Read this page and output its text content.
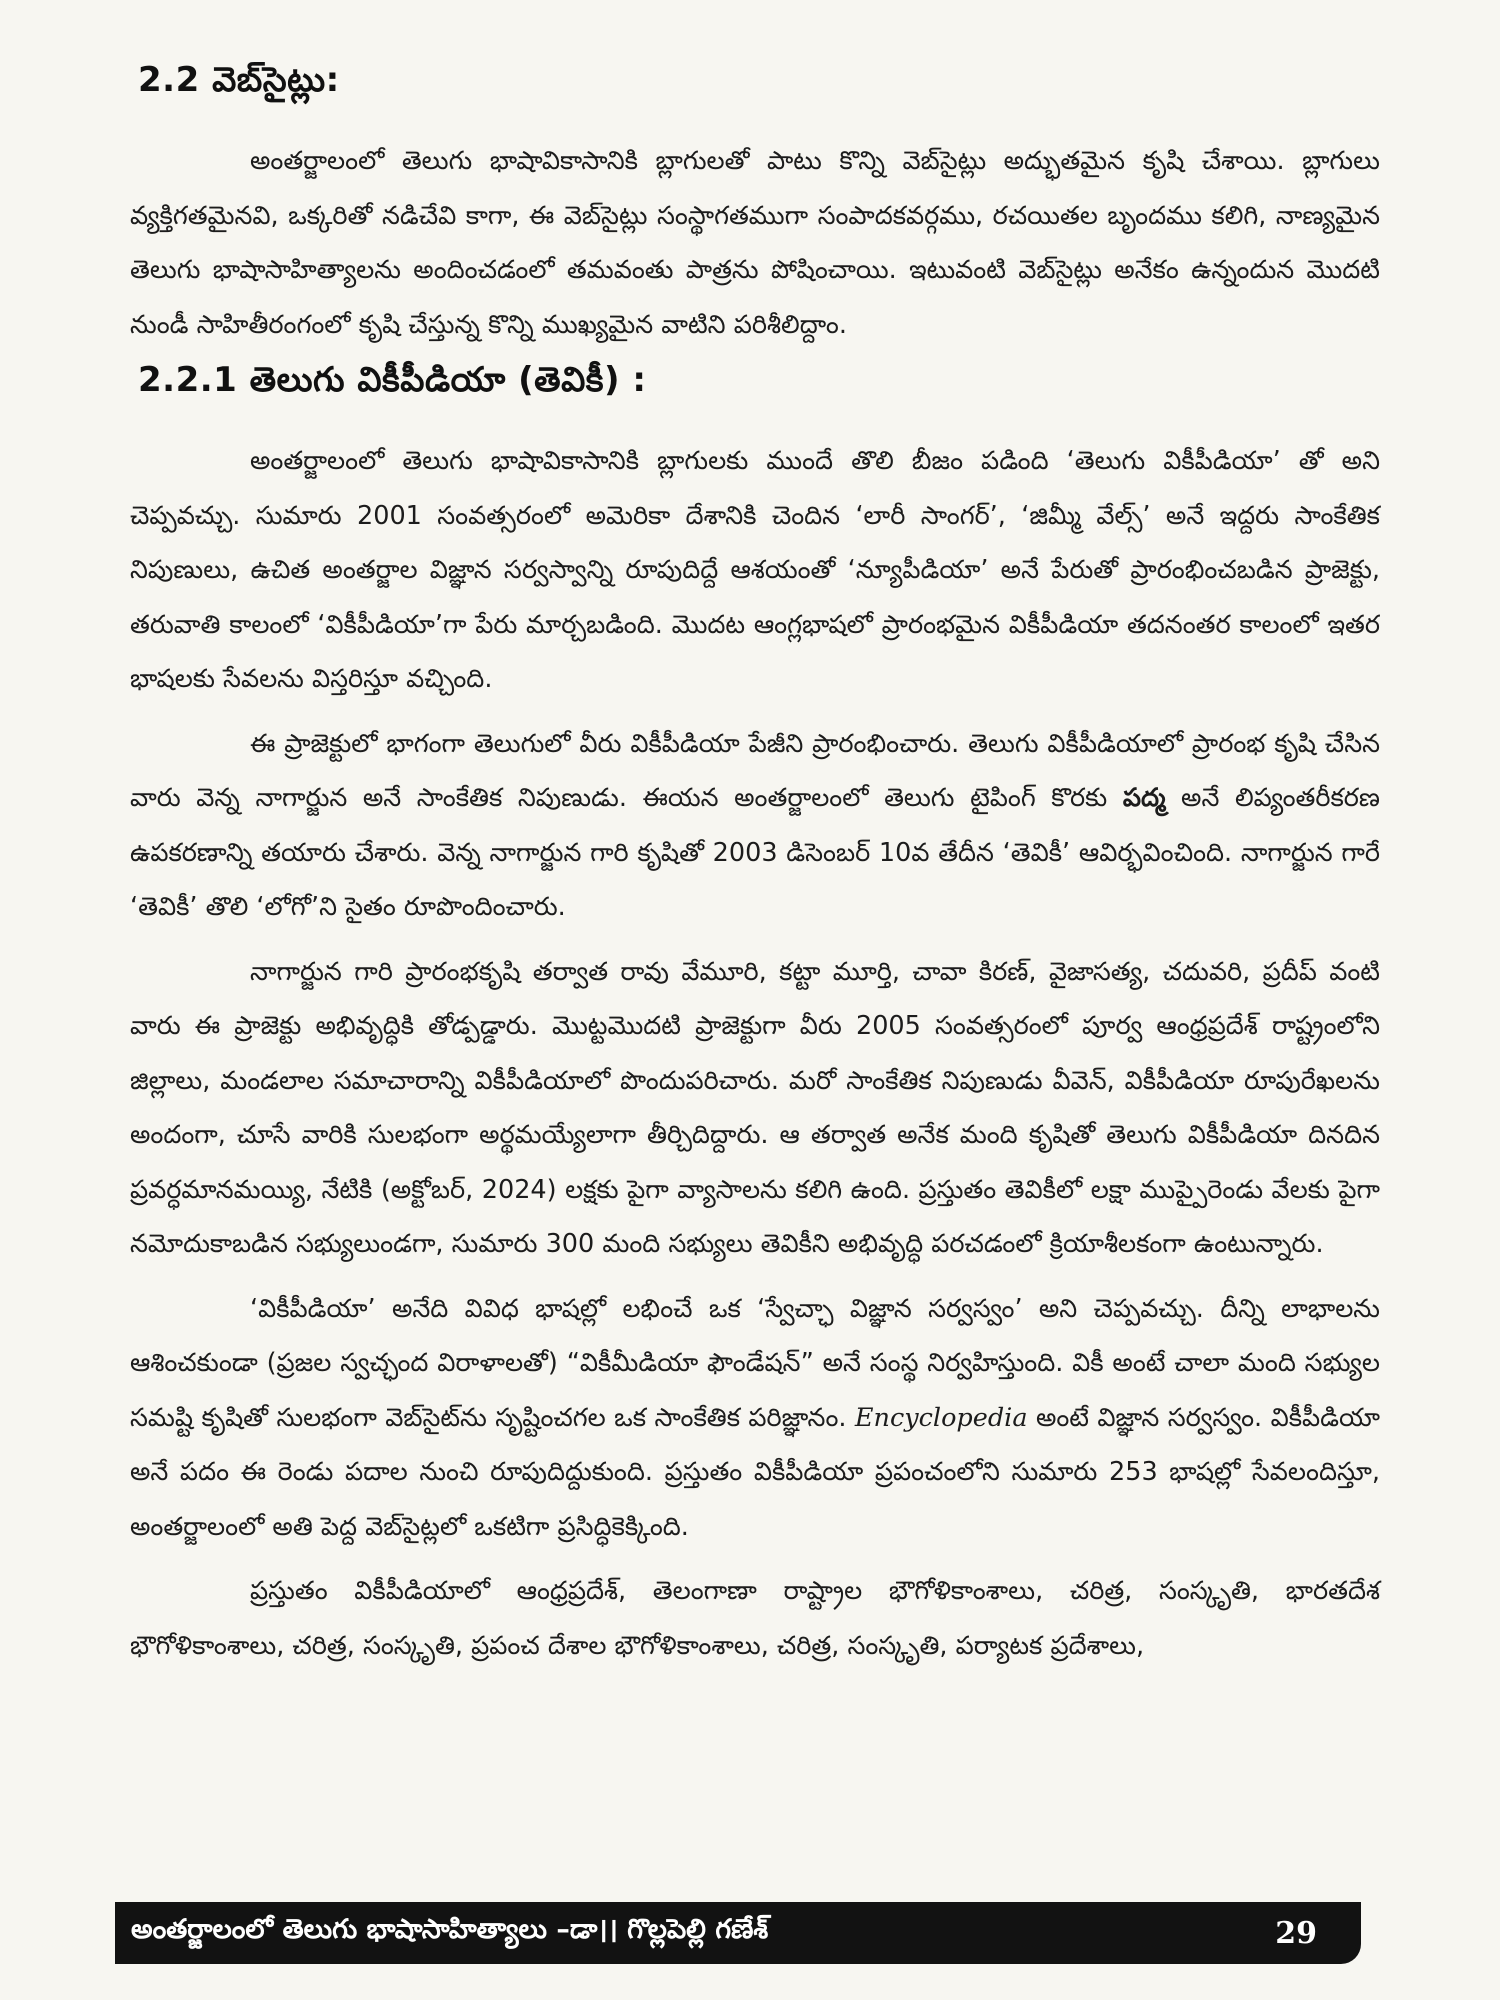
2.2 వెబ్‌సైట్లు:

అంతర్జాలంలో తెలుగు భాషావికాసానికి బ్లాగులతో పాటు కొన్ని వెబ్‌సైట్లు అద్భుతమైన కృషి చేశాయి. బ్లాగులు వ్యక్తిగతమైనవి, ఒక్కరితో నడిచేవి కాగా, ఈ వెబ్‌సైట్లు సంస్థాగతముగా సంపాదకవర్గము, రచయితల బృందము కలిగి, నాణ్యమైన తెలుగు భాషాసాహిత్యాలను అందించడంలో తమవంతు పాత్రను పోషించాయి. ఇటువంటి వెబ్‌సైట్లు అనేకం ఉన్నందున మొదటి నుండీ సాహితీరంగంలో కృషి చేస్తున్న కొన్ని ముఖ్యమైన వాటిని పరిశీలిద్దాం.

2.2.1 తెలుగు వికీపీడియా (తెవికీ) :

అంతర్జాలంలో తెలుగు భాషావికాసానికి బ్లాగులకు ముందే తొలి బీజం పడింది ‘తెలుగు వికీపీడియా’ తో అని చెప్పవచ్చు. సుమారు 2001 సంవత్సరంలో అమెరికా దేశానికి చెందిన ‘లారీ సాంగర్’, ‘జిమ్మీ వేల్స్’ అనే ఇద్దరు సాంకేతిక నిపుణులు, ఉచిత అంతర్జాల విజ్ఞాన సర్వస్వాన్ని రూపుదిద్దే ఆశయంతో ‘న్యూపీడియా’ అనే పేరుతో ప్రారంభించబడిన ప్రాజెక్టు, తరువాతి కాలంలో ‘వికీపీడియా’గా పేరు మార్చబడింది. మొదట ఆంగ్లభాషలో ప్రారంభమైన వికీపీడియా తదనంతర కాలంలో ఇతర భాషలకు సేవలను విస్తరిస్తూ వచ్చింది.

ఈ ప్రాజెక్టులో భాగంగా తెలుగులో వీరు వికీపీడియా పేజీని ప్రారంభించారు. తెలుగు వికీపీడియాలో ప్రారంభ కృషి చేసిన వారు వెన్న నాగార్జున అనే సాంకేతిక నిపుణుడు. ఈయన అంతర్జాలంలో తెలుగు టైపింగ్ కొరకు పద్మ అనే లిప్యంతరీకరణ ఉపకరణాన్ని తయారు చేశారు. వెన్న నాగార్జున గారి కృషితో 2003 డిసెంబర్ 10వ తేదీన ‘తెవికీ’ ఆవిర్భవించింది. నాగార్జున గారే ‘తెవికీ’ తొలి ‘లోగో’ని సైతం రూపొందించారు.

నాగార్జున గారి ప్రారంభకృషి తర్వాత రావు వేమూరి, కట్టా మూర్తి, చావా కిరణ్, వైజాసత్య, చదువరి, ప్రదీప్ వంటి వారు ఈ ప్రాజెక్టు అభివృద్ధికి తోడ్పడ్డారు. మొట్టమొదటి ప్రాజెక్టుగా వీరు 2005 సంవత్సరంలో పూర్వ ఆంధ్రప్రదేశ్ రాష్ట్రంలోని జిల్లాలు, మండలాల సమాచారాన్ని వికీపీడియాలో పొందుపరిచారు. మరో సాంకేతిక నిపుణుడు వీవెన్, వికీపీడియా రూపురేఖలను అందంగా, చూసే వారికి సులభంగా అర్థమయ్యేలాగా తీర్చిదిద్దారు. ఆ తర్వాత అనేక మంది కృషితో తెలుగు వికీపీడియా దినదిన ప్రవర్ధమానమయ్యి, నేటికి (అక్టోబర్, 2024) లక్షకు పైగా వ్యాసాలను కలిగి ఉంది. ప్రస్తుతం తెవికీలో లక్షా ముప్పైరెండు వేలకు పైగా నమోదుకాబడిన సభ్యులుండగా, సుమారు 300 మంది సభ్యులు తెవికీని అభివృద్ధి పరచడంలో క్రియాశీలకంగా ఉంటున్నారు.

‘వికీపీడియా’ అనేది వివిధ భాషల్లో లభించే ఒక ‘స్వేచ్ఛా విజ్ఞాన సర్వస్వం’ అని చెప్పవచ్చు. దీన్ని లాభాలను ఆశించకుండా (ప్రజల స్వచ్ఛంద విరాళాలతో) “వికీమీడియా ఫౌండేషన్” అనే సంస్థ నిర్వహిస్తుంది. వికీ అంటే చాలా మంది సభ్యుల సమష్టి కృషితో సులభంగా వెబ్‌సైట్‌ను సృష్టించగల ఒక సాంకేతిక పరిజ్ఞానం. Encyclopedia అంటే విజ్ఞాన సర్వస్వం. వికీపీడియా అనే పదం ఈ రెండు పదాల నుంచి రూపుదిద్దుకుంది. ప్రస్తుతం వికీపీడియా ప్రపంచంలోని సుమారు 253 భాషల్లో సేవలందిస్తూ, అంతర్జాలంలో అతి పెద్ద వెబ్‌సైట్లలో ఒకటిగా ప్రసిద్ధికెక్కింది.

ప్రస్తుతం వికీపీడియాలో ఆంధ్రప్రదేశ్, తెలంగాణా రాష్ట్రాల భౌగోళికాంశాలు, చరిత్ర, సంస్కృతి, భారతదేశ భౌగోళికాంశాలు, చరిత్ర, సంస్కృతి, ప్రపంచ దేశాల భౌగోళికాంశాలు, చరిత్ర, సంస్కృతి, పర్యాటక ప్రదేశాలు,

అంతర్జాలంలో తెలుగు భాషాసాహిత్యాలు –డా।। గొల్లపెల్లి గణేశ్	29
